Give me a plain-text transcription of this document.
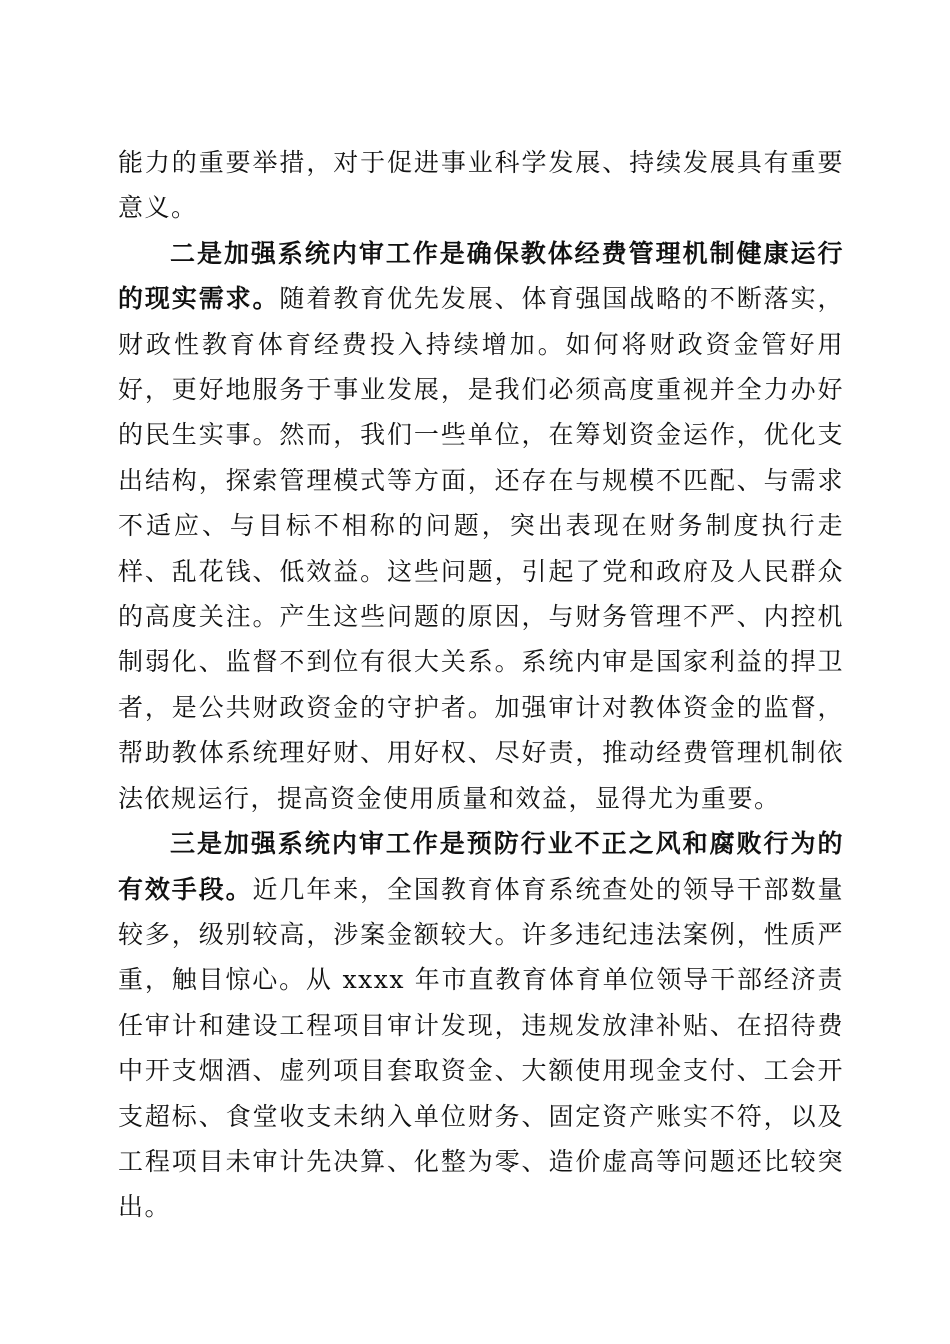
能力的重要举措，对于促进事业科学发展、持续发展具有重要意义。

二是加强系统内审工作是确保教体经费管理机制健康运行的现实需求。随着教育优先发展、体育强国战略的不断落实，财政性教育体育经费投入持续增加。如何将财政资金管好用好，更好地服务于事业发展，是我们必须高度重视并全力办好的民生实事。然而，我们一些单位，在筹划资金运作，优化支出结构，探索管理模式等方面，还存在与规模不匹配、与需求不适应、与目标不相称的问题，突出表现在财务制度执行走样、乱花钱、低效益。这些问题，引起了党和政府及人民群众的高度关注。产生这些问题的原因，与财务管理不严、内控机制弱化、监督不到位有很大关系。系统内审是国家利益的捍卫者，是公共财政资金的守护者。加强审计对教体资金的监督，帮助教体系统理好财、用好权、尽好责，推动经费管理机制依法依规运行，提高资金使用质量和效益，显得尤为重要。

三是加强系统内审工作是预防行业不正之风和腐败行为的有效手段。近几年来，全国教育体育系统查处的领导干部数量较多，级别较高，涉案金额较大。许多违纪违法案例，性质严重，触目惊心。从 xxxx 年市直教育体育单位领导干部经济责任审计和建设工程项目审计发现，违规发放津补贴、在招待费中开支烟酒、虚列项目套取资金、大额使用现金支付、工会开支超标、食堂收支未纳入单位财务、固定资产账实不符，以及工程项目未审计先决算、化整为零、造价虚高等问题还比较突出。
